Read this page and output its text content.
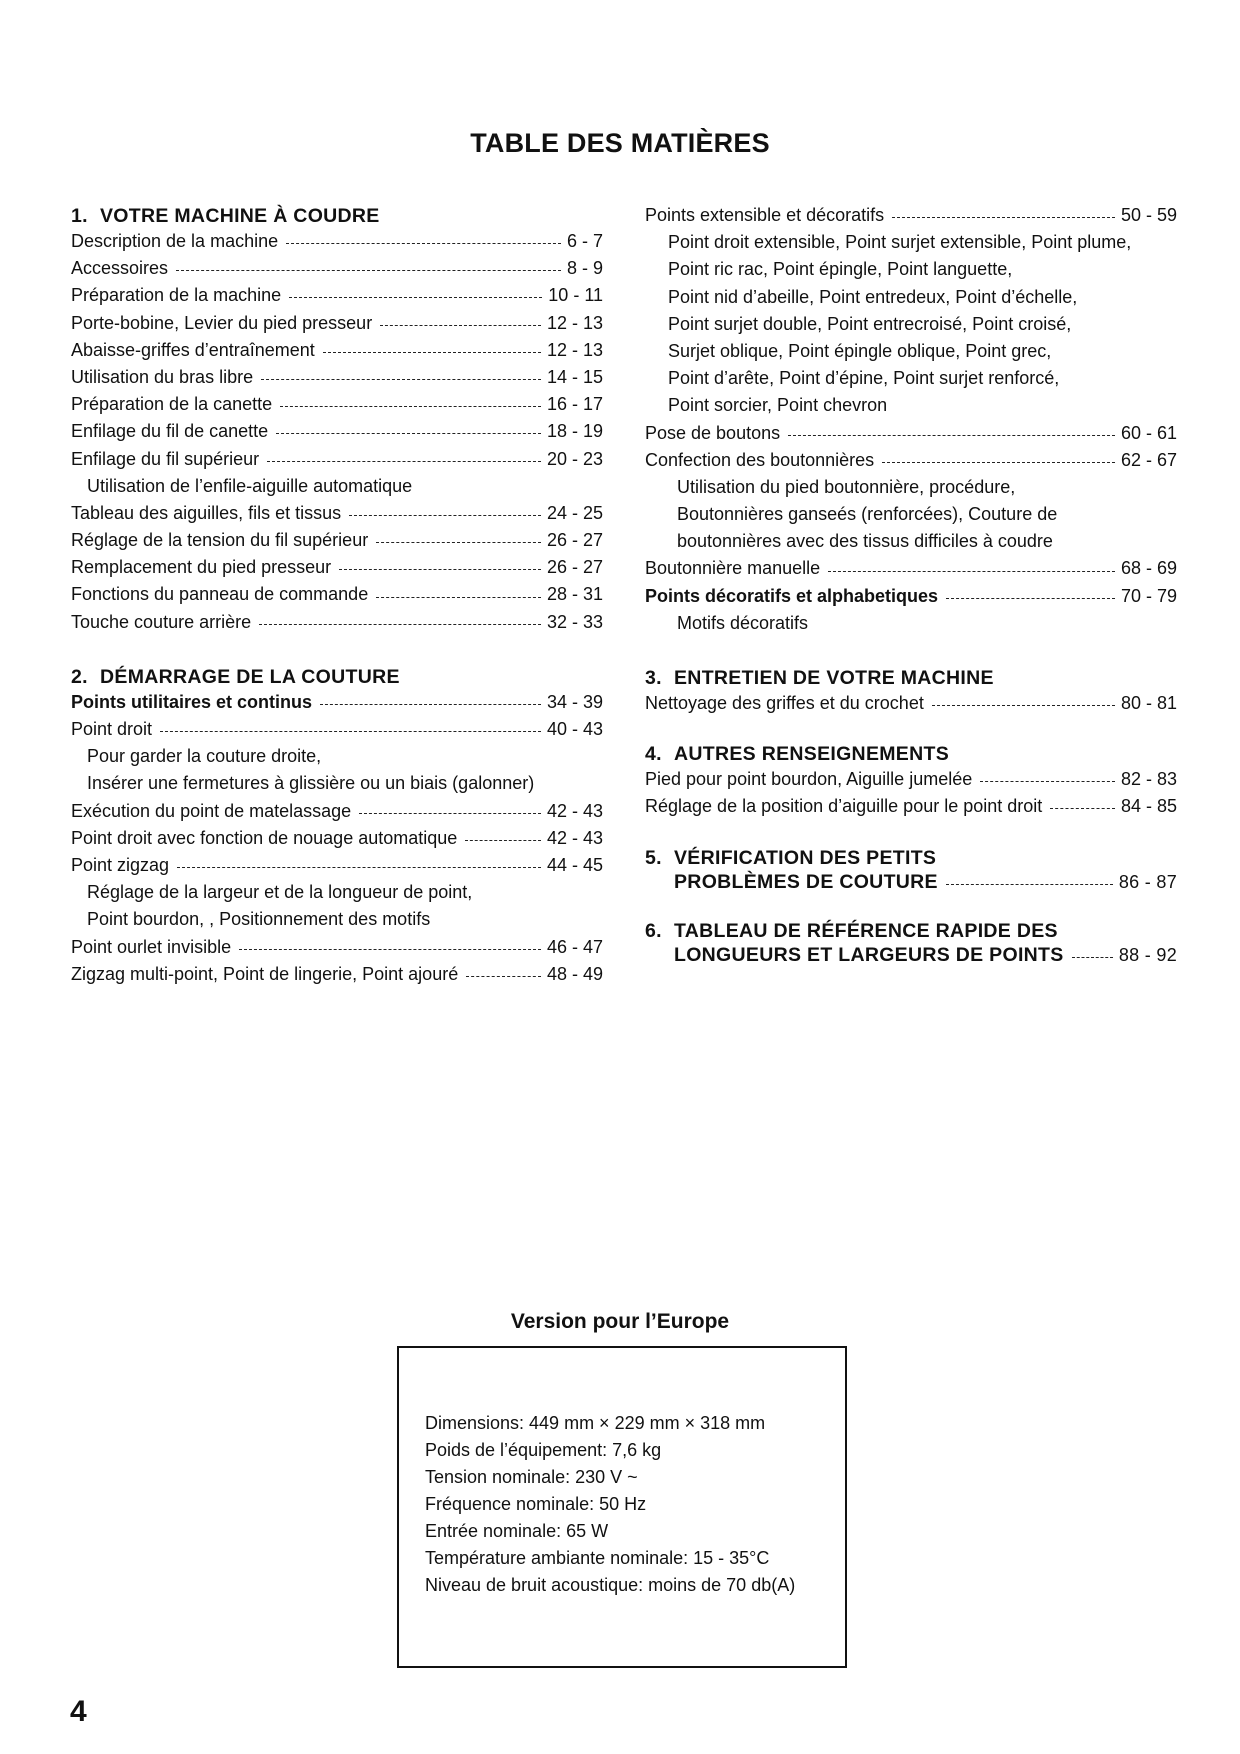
TABLE DES MATIÈRES
1. VOTRE MACHINE À COUDRE
Description de la machine	6 - 7
Accessoires	8 - 9
Préparation de la machine	10 - 11
Porte-bobine, Levier du pied presseur	12 - 13
Abaisse-griffes d’entraînement	12 - 13
Utilisation du bras libre	14 - 15
Préparation de la canette	16 - 17
Enfilage du fil de canette	18 - 19
Enfilage du fil supérieur	20 - 23
Utilisation de l’enfile-aiguille automatique
Tableau des aiguilles, fils et tissus	24 - 25
Réglage de la tension du fil supérieur	26 - 27
Remplacement du pied presseur	26 - 27
Fonctions du panneau de commande	28 - 31
Touche couture arrière	32 - 33
2. DÉMARRAGE DE LA COUTURE
Points utilitaires et continus	34 - 39
Point droit	40 - 43
Pour garder la couture droite,
Insérer une fermetures à glissière ou un biais (galonner)
Exécution du point de matelassage	42 - 43
Point droit avec fonction de nouage automatique	42 - 43
Point zigzag	44 - 45
Réglage de la largeur et de la longueur de point,
Point bourdon, , Positionnement des motifs
Point ourlet invisible	46 - 47
Zigzag multi-point, Point de lingerie, Point ajouré	48 - 49
Points extensible et décoratifs	50 - 59
Point droit extensible, Point surjet extensible, Point plume,
Point ric rac, Point épingle, Point languette,
Point nid d’abeille, Point entredeux, Point d’échelle,
Point surjet double, Point entrecroisé, Point croisé,
Surjet oblique, Point épingle oblique, Point grec,
Point d’arête, Point d’épine, Point surjet renforcé,
Point sorcier, Point chevron
Pose de boutons	60 - 61
Confection des boutonnières	62 - 67
Utilisation du pied boutonnière, procédure,
Boutonnières ganseés (renforcées), Couture de
boutonnières avec des tissus difficiles à coudre
Boutonnière manuelle	68 - 69
Points décoratifs et alphabetiques	70 - 79
Motifs décoratifs
3. ENTRETIEN DE VOTRE MACHINE
Nettoyage des griffes et du crochet	80 - 81
4. AUTRES RENSEIGNEMENTS
Pied pour point bourdon, Aiguille jumelée	82 - 83
Réglage de la position d’aiguille pour le point droit	84 - 85
5. VÉRIFICATION DES PETITS
PROBLÈMES DE COUTURE	86 - 87
6. TABLEAU DE RÉFÉRENCE RAPIDE DES
LONGUEURS ET LARGEURS DE POINTS	88 - 92
Version pour l’Europe
Dimensions: 449 mm × 229 mm × 318 mm
Poids de l’équipement: 7,6 kg
Tension nominale: 230 V ~
Fréquence nominale: 50 Hz
Entrée nominale: 65 W
Température ambiante nominale: 15 - 35°C
Niveau de bruit acoustique: moins de 70 db(A)
4
